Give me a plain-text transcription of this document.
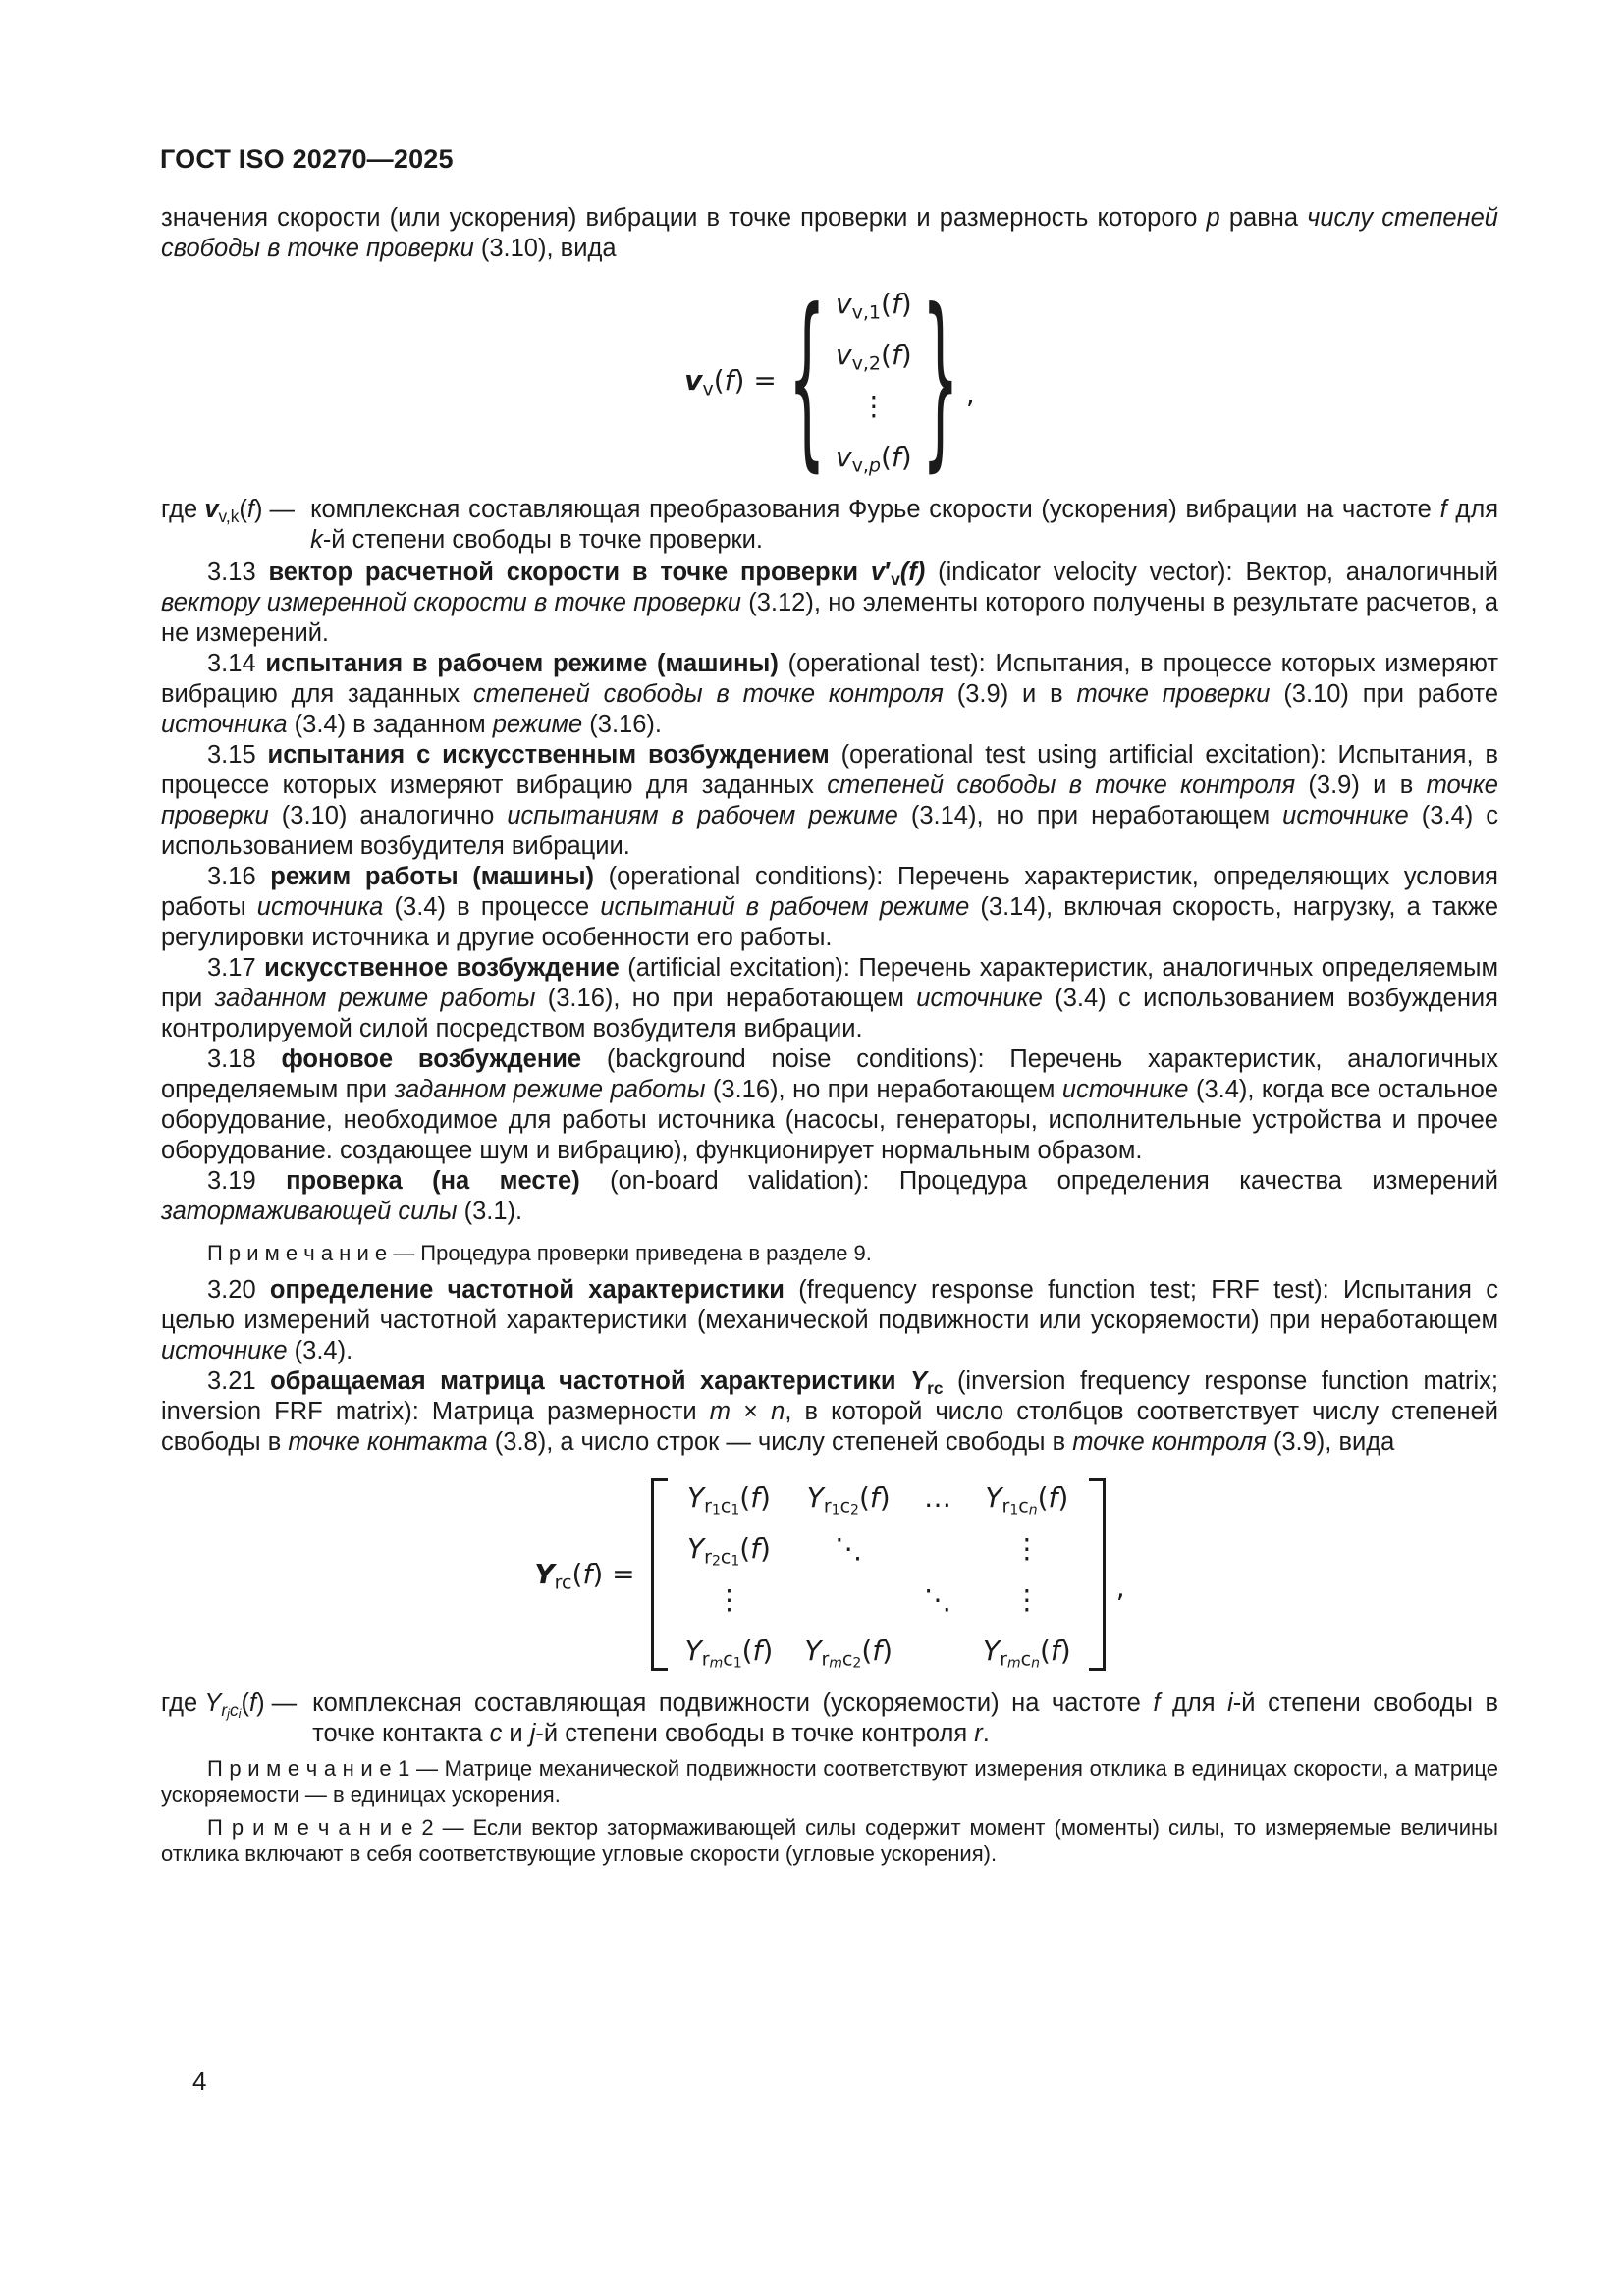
ГОСТ ISO 20270—2025

значения скорости (или ускорения) вибрации в точке проверки и размерность которого p равна числу степеней свободы в точке проверки (3.10), вида

$v_v(f)$ = { $v_{v,1}(f)$
$v_{v,2}(f)$
⋮
$v_{v,p}(f)$ } ,
где $v_{v,k}(f)$ — комплексная составляющая преобразования Фурье скорости (ускорения) вибрации на частоте f для k-й степени свободы в точке проверки.

3.13 вектор расчетной скорости в точке проверки $v'_v(f)$ (indicator velocity vector): Вектор, аналогичный вектору измеренной скорости в точке проверки (3.12), но элементы которого получены в результате расчетов, а не измерений.

3.14 испытания в рабочем режиме (машины) (operational test): Испытания, в процессе которых измеряют вибрацию для заданных степеней свободы в точке контроля (3.9) и в точке проверки (3.10) при работе источника (3.4) в заданном режиме (3.16).

3.15 испытания с искусственным возбуждением (operational test using artificial excitation): Испытания, в процессе которых измеряют вибрацию для заданных степеней свободы в точке контроля (3.9) и в точке проверки (3.10) аналогично испытаниям в рабочем режиме (3.14), но при неработающем источнике (3.4) с использованием возбудителя вибрации.

3.16 режим работы (машины) (operational conditions): Перечень характеристик, определяющих условия работы источника (3.4) в процессе испытаний в рабочем режиме (3.14), включая скорость, нагрузку, а также регулировки источника и другие особенности его работы.

3.17 искусственное возбуждение (artificial excitation): Перечень характеристик, аналогичных определяемым при заданном режиме работы (3.16), но при неработающем источнике (3.4) с использованием возбуждения контролируемой силой посредством возбудителя вибрации.

3.18 фоновое возбуждение (background noise conditions): Перечень характеристик, аналогичных определяемым при заданном режиме работы (3.16), но при неработающем источнике (3.4), когда все остальное оборудование, необходимое для работы источника (насосы, генераторы, исполнительные устройства и прочее оборудование. создающее шум и вибрацию), функционирует нормальным образом.

3.19 проверка (на месте) (on-board validation): Процедура определения качества измерений затормаживающей силы (3.1).

П р и м е ч а н и е — Процедура проверки приведена в разделе 9.

3.20 определение частотной характеристики (frequency response function test; FRF test): Испытания с целью измерений частотной характеристики (механической подвижности или ускоряемости) при неработающем источнике (3.4).

3.21 обращаемая матрица частотной характеристики $Y_{rc}$ (inversion frequency response function matrix; inversion FRF matrix): Матрица размерности m × n, в которой число столбцов соответствует числу степеней свободы в точке контакта (3.8), а число строк — числу степеней свободы в точке контроля (3.9), вида

$Y_{rc}(f)$ =
$Y_{r1c1}(f)$	$Y_{r1c2}(f)$	…	$Y_{r1cn}(f)$
$Y_{r2c1}(f)$	⋱		⋮
⋮		⋱	⋮
$Y_{rmc1}(f)$	$Y_{rmc2}(f)$		$Y_{rmcn}(f)$
,
где $Y_{rjci}(f)$ — комплексная составляющая подвижности (ускоряемости) на частоте f для i-й степени свободы в точке контакта c и j-й степени свободы в точке контроля r.

П р и м е ч а н и е 1 — Матрице механической подвижности соответствуют измерения отклика в единицах скорости, а матрице ускоряемости — в единицах ускорения.

П р и м е ч а н и е 2 — Если вектор затормаживающей силы содержит момент (моменты) силы, то измеряемые величины отклика включают в себя соответствующие угловые скорости (угловые ускорения).

4
